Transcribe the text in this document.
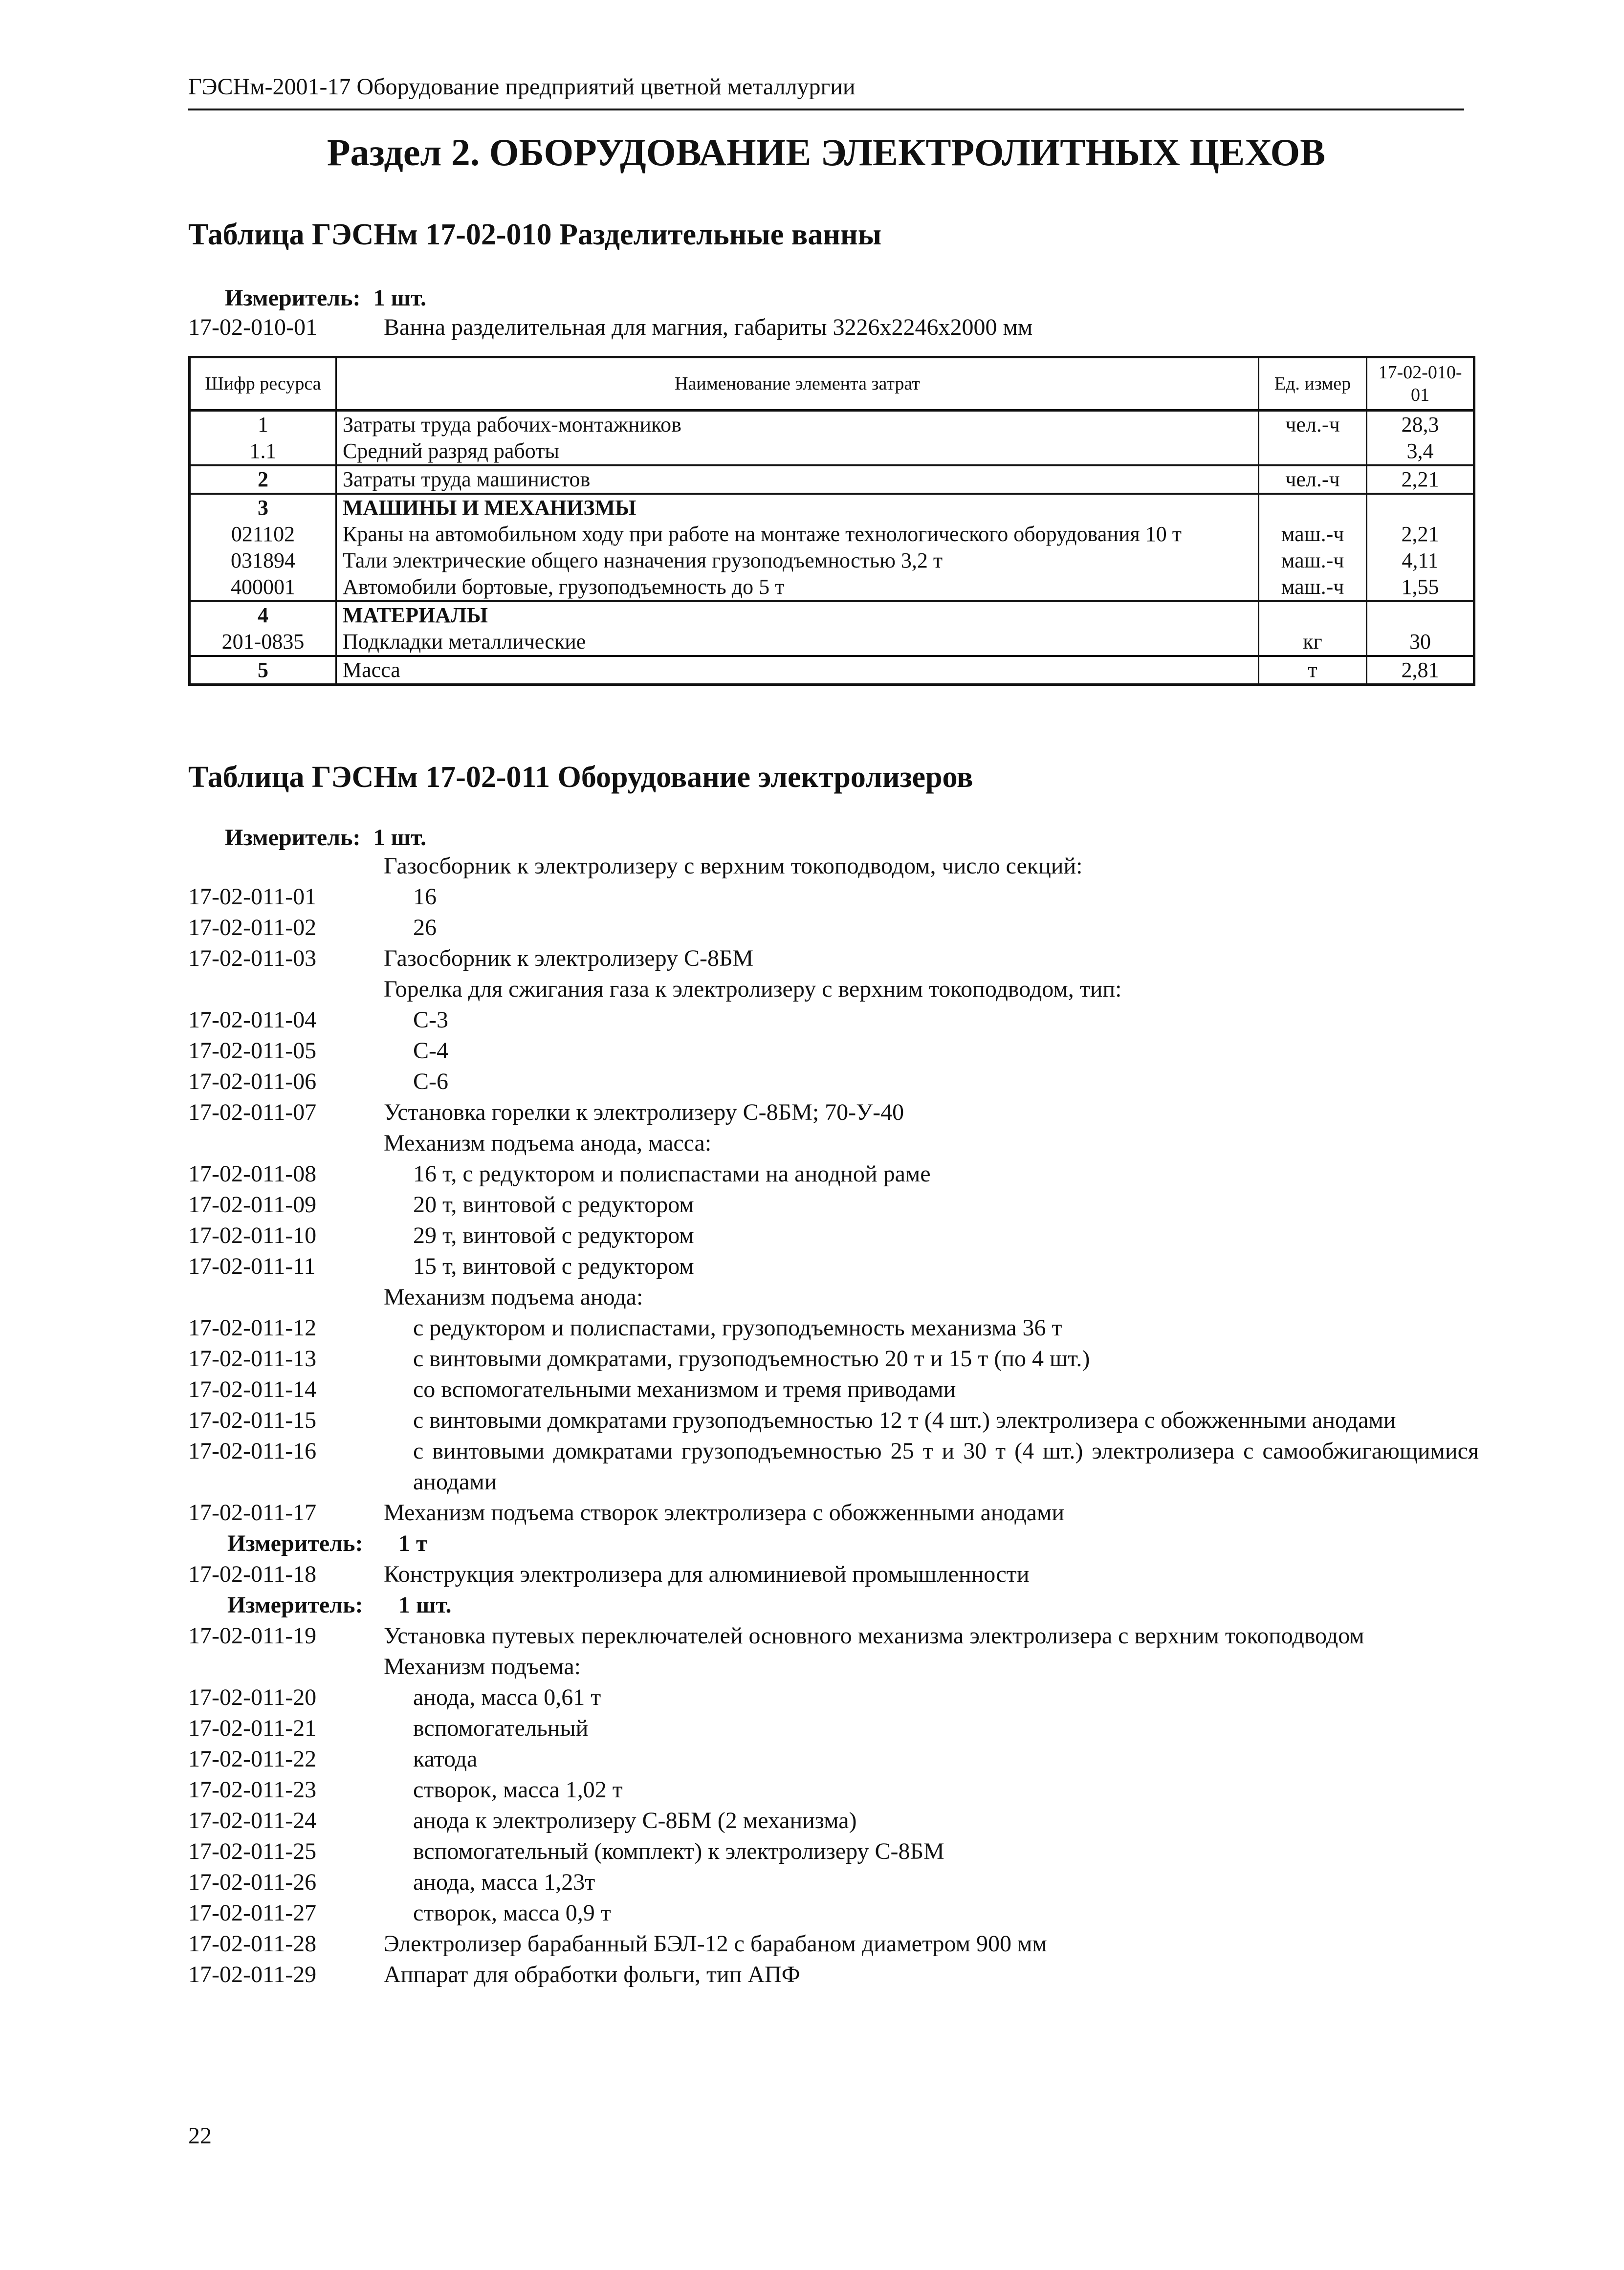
ГЭСНм-2001-17 Оборудование предприятий цветной металлургии
Раздел 2. ОБОРУДОВАНИЕ ЭЛЕКТРОЛИТНЫХ ЦЕХОВ
Таблица ГЭСНм 17-02-010 Разделительные ванны
Измеритель: 1 шт.
17-02-010-01	Ванна разделительная для магния, габариты 3226х2246х2000 мм
Шифр ресурса	Наименование элемента затрат	Ед. измер	17-02-010-01
1	Затраты труда рабочих-монтажников	чел.-ч	28,3
1.1	Средний разряд работы		3,4
2	Затраты труда машинистов	чел.-ч	2,21
3	МАШИНЫ И МЕХАНИЗМЫ		
021102	Краны на автомобильном ходу при работе на монтаже технологического оборудования 10 т	маш.-ч	2,21
031894	Тали электрические общего назначения грузоподъемностью 3,2 т	маш.-ч	4,11
400001	Автомобили бортовые, грузоподъемность до 5 т	маш.-ч	1,55
4	МАТЕРИАЛЫ		
201-0835	Подкладки металлические	кг	30
5	Масса	т	2,81
Таблица ГЭСНм 17-02-011 Оборудование электролизеров
Измеритель: 1 шт.
Газосборник к электролизеру с верхним токоподводом, число секций:
17-02-011-01	16
17-02-011-02	26
17-02-011-03	Газосборник к электролизеру С-8БМ
Горелка для сжигания газа к электролизеру с верхним токоподводом, тип:
17-02-011-04	С-3
17-02-011-05	С-4
17-02-011-06	С-6
17-02-011-07	Установка горелки к электролизеру С-8БМ; 70-У-40
Механизм подъема анода, масса:
17-02-011-08	16 т, с редуктором и полиспастами на анодной раме
17-02-011-09	20 т, винтовой с редуктором
17-02-011-10	29 т, винтовой с редуктором
17-02-011-11	15 т, винтовой с редуктором
Механизм подъема анода:
17-02-011-12	с редуктором и полиспастами, грузоподъемность механизма 36 т
17-02-011-13	с винтовыми домкратами, грузоподъемностью 20 т и 15 т (по 4 шт.)
17-02-011-14	со вспомогательными механизмом и тремя приводами
17-02-011-15	с винтовыми домкратами грузоподъемностью 12 т (4 шт.) электролизера с обожженными анодами
17-02-011-16	с винтовыми домкратами грузоподъемностью 25 т и 30 т (4 шт.) электролизера с самообжигающимися анодами
17-02-011-17	Механизм подъема створок электролизера с обожженными анодами
Измеритель:	1 т
17-02-011-18	Конструкция электролизера для алюминиевой промышленности
Измеритель:	1 шт.
17-02-011-19	Установка путевых переключателей основного механизма электролизера с верхним токоподводом
Механизм подъема:
17-02-011-20	анода, масса 0,61 т
17-02-011-21	вспомогательный
17-02-011-22	катода
17-02-011-23	створок, масса 1,02 т
17-02-011-24	анода к электролизеру С-8БМ (2 механизма)
17-02-011-25	вспомогательный (комплект) к электролизеру С-8БМ
17-02-011-26	анода, масса 1,23т
17-02-011-27	створок, масса 0,9 т
17-02-011-28	Электролизер барабанный БЭЛ-12 с барабаном диаметром 900 мм
17-02-011-29	Аппарат для обработки фольги, тип АПФ
22
